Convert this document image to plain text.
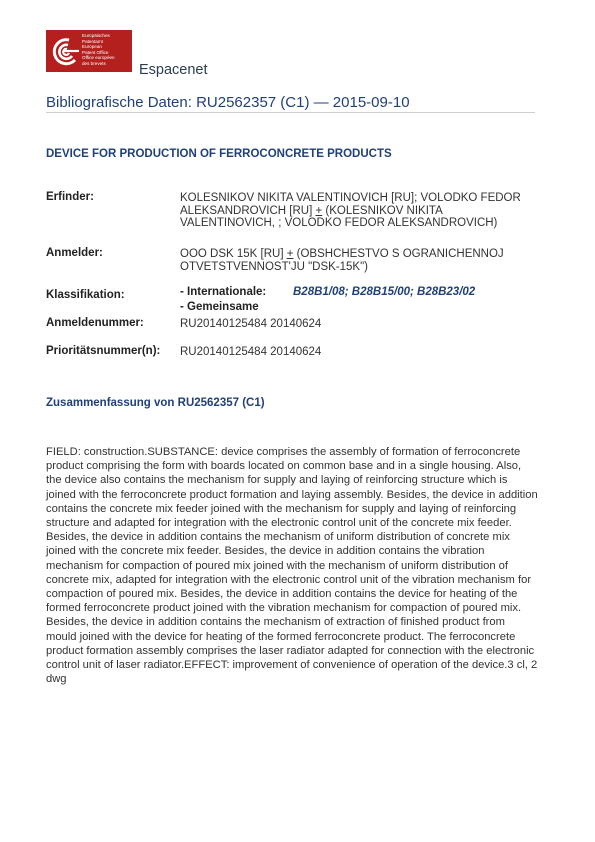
Europäisches
Patentamt
European
Patent Office
Office européen
des brevets	Espacenet
Bibliografische Daten: RU2562357 (C1) — 2015-09-10
DEVICE FOR PRODUCTION OF FERROCONCRETE PRODUCTS
Erfinder:	KOLESNIKOV NIKITA VALENTINOVICH [RU]; VOLODKO FEDOR ALEKSANDROVICH [RU] + (KOLESNIKOV NIKITA VALENTINOVICH, ; VOLODKO FEDOR ALEKSANDROVICH)
Anmelder:	OOO DSK 15K [RU] + (OBSHCHESTVO S OGRANICHENNOJ OTVETSTVENNOST'JU "DSK-15K")
Klassifikation:	- Internationale: B28B1/08; B28B15/00; B28B23/02
- Gemeinsame
Anmeldenummer:	RU20140125484 20140624
Prioritätsnummer(n): RU20140125484 20140624
Zusammenfassung von RU2562357 (C1)
FIELD: construction.SUBSTANCE: device comprises the assembly of formation of ferroconcrete product comprising the form with boards located on common base and in a single housing. Also, the device also contains the mechanism for supply and laying of reinforcing structure which is joined with the ferroconcrete product formation and laying assembly. Besides, the device in addition contains the concrete mix feeder joined with the mechanism for supply and laying of reinforcing structure and adapted for integration with the electronic control unit of the concrete mix feeder. Besides, the device in addition contains the mechanism of uniform distribution of concrete mix joined with the concrete mix feeder. Besides, the device in addition contains the vibration mechanism for compaction of poured mix joined with the mechanism of uniform distribution of concrete mix, adapted for integration with the electronic control unit of the vibration mechanism for compaction of poured mix. Besides, the device in addition contains the device for heating of the formed ferroconcrete product joined with the vibration mechanism for compaction of poured mix. Besides, the device in addition contains the mechanism of extraction of finished product from mould joined with the device for heating of the formed ferroconcrete product. The ferroconcrete product formation assembly comprises the laser radiator adapted for connection with the electronic control unit of laser radiator.EFFECT: improvement of convenience of operation of the device.3 cl, 2 dwg
